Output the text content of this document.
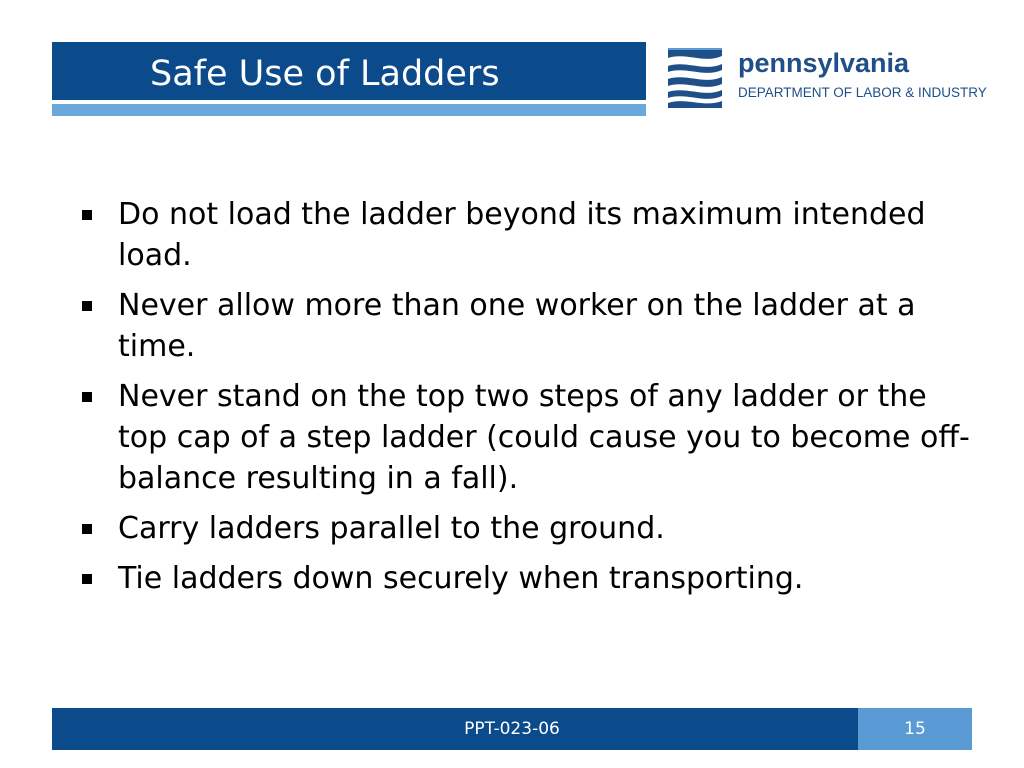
Safe Use of Ladders	pennsylvania
DEPARTMENT OF LABOR & INDUSTRY
Do not load the ladder beyond its maximum intended load.
Never allow more than one worker on the ladder at a time.
Never stand on the top two steps of any ladder or the top cap of a step ladder (could cause you to become off-balance resulting in a fall).
Carry ladders parallel to the ground.
Tie ladders down securely when transporting.
PPT-023-06	15
